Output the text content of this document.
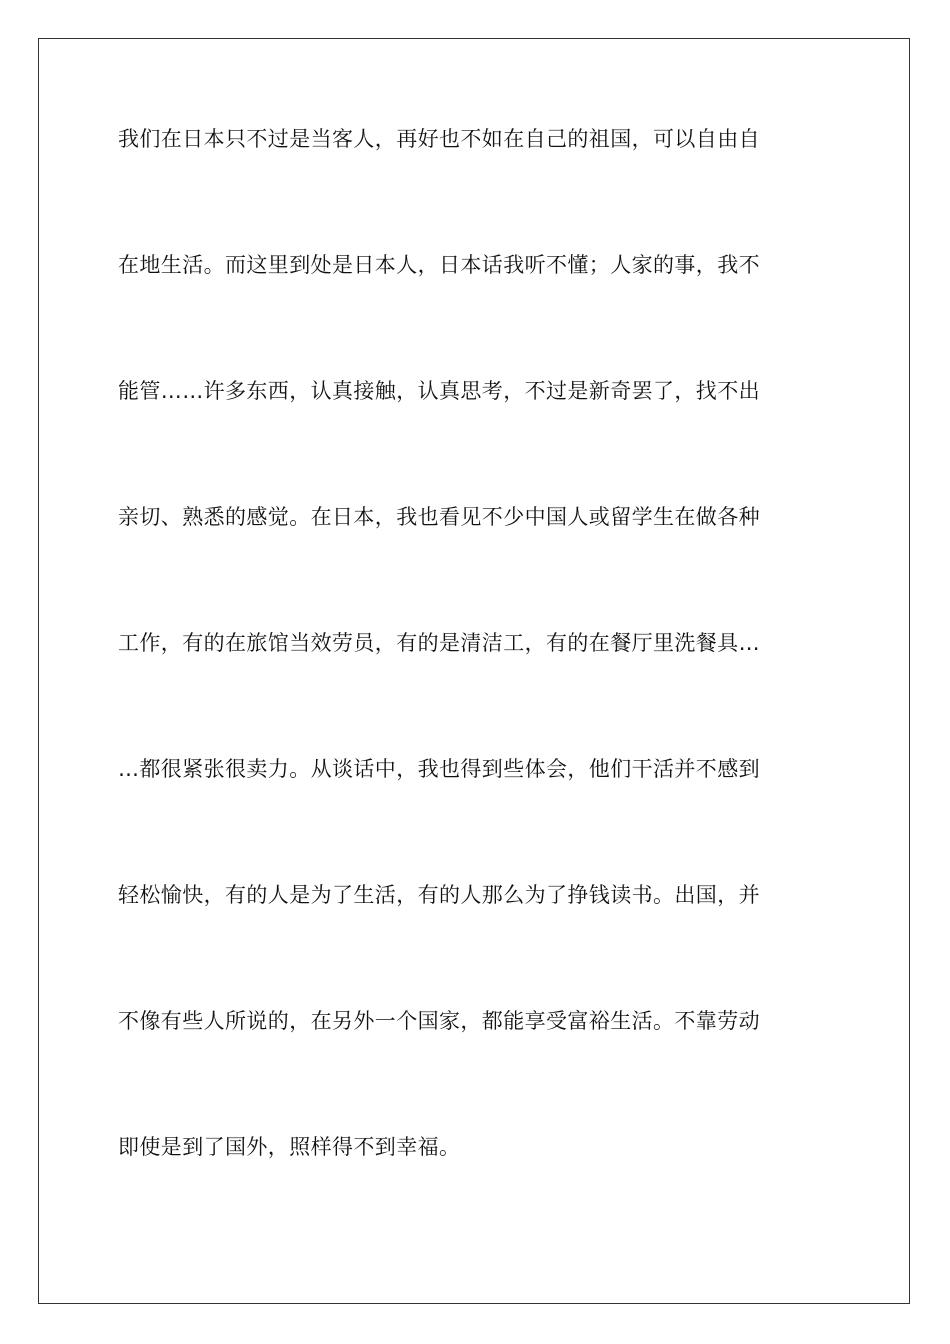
我们在日本只不过是当客人，再好也不如在自己的祖国，可以自由自
在地生活。而这里到处是日本人，日本话我听不懂；人家的事，我不
能管……许多东西，认真接触，认真思考，不过是新奇罢了，找不出
亲切、熟悉的感觉。在日本，我也看见不少中国人或留学生在做各种
工作，有的在旅馆当效劳员，有的是清洁工，有的在餐厅里洗餐具…
…都很紧张很卖力。从谈话中，我也得到些体会，他们干活并不感到
轻松愉快，有的人是为了生活，有的人那么为了挣钱读书。出国，并
不像有些人所说的，在另外一个国家，都能享受富裕生活。不靠劳动
即使是到了国外，照样得不到幸福。
